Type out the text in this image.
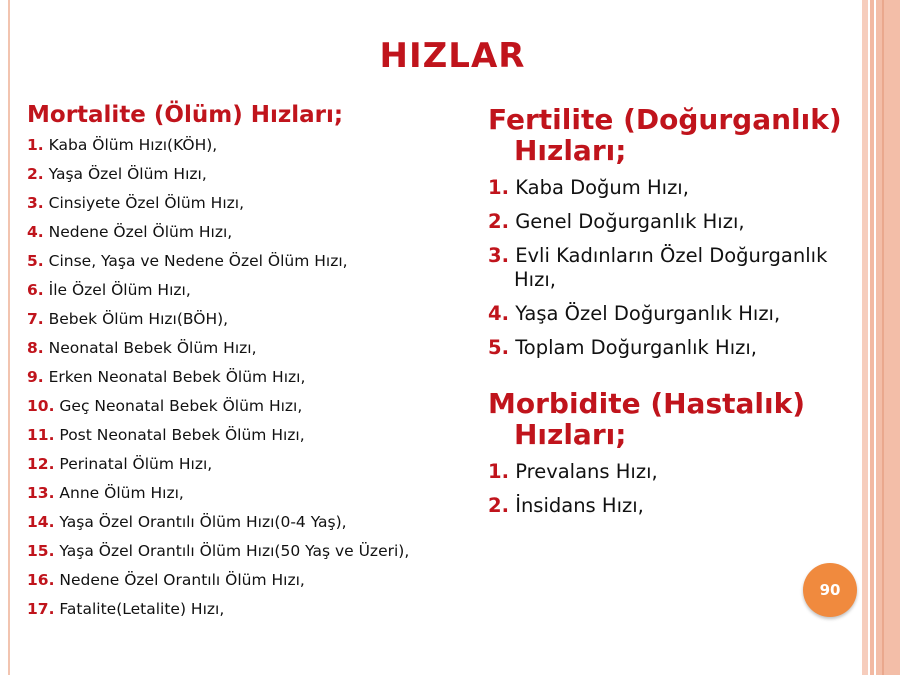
HIZLAR
Mortalite (Ölüm) Hızları;
1. Kaba Ölüm Hızı(KÖH),
2. Yaşa Özel Ölüm Hızı,
3. Cinsiyete Özel Ölüm Hızı,
4. Nedene Özel Ölüm Hızı,
5. Cinse, Yaşa ve Nedene Özel Ölüm Hızı,
6. İle Özel Ölüm Hızı,
7. Bebek Ölüm Hızı(BÖH),
8. Neonatal Bebek Ölüm Hızı,
9. Erken Neonatal Bebek Ölüm Hızı,
10. Geç Neonatal Bebek Ölüm Hızı,
11. Post Neonatal Bebek Ölüm Hızı,
12. Perinatal Ölüm Hızı,
13. Anne Ölüm Hızı,
14. Yaşa Özel Orantılı Ölüm Hızı(0-4 Yaş),
15. Yaşa Özel Orantılı Ölüm Hızı(50 Yaş ve Üzeri),
16. Nedene Özel Orantılı Ölüm Hızı,
17. Fatalite(Letalite) Hızı,
Fertilite (Doğurganlık) Hızları;
1. Kaba Doğum Hızı,
2. Genel Doğurganlık Hızı,
3. Evli Kadınların Özel Doğurganlık Hızı,
4. Yaşa Özel Doğurganlık Hızı,
5. Toplam Doğurganlık Hızı,
Morbidite (Hastalık) Hızları;
1. Prevalans Hızı,
2. İnsidans Hızı,
90
